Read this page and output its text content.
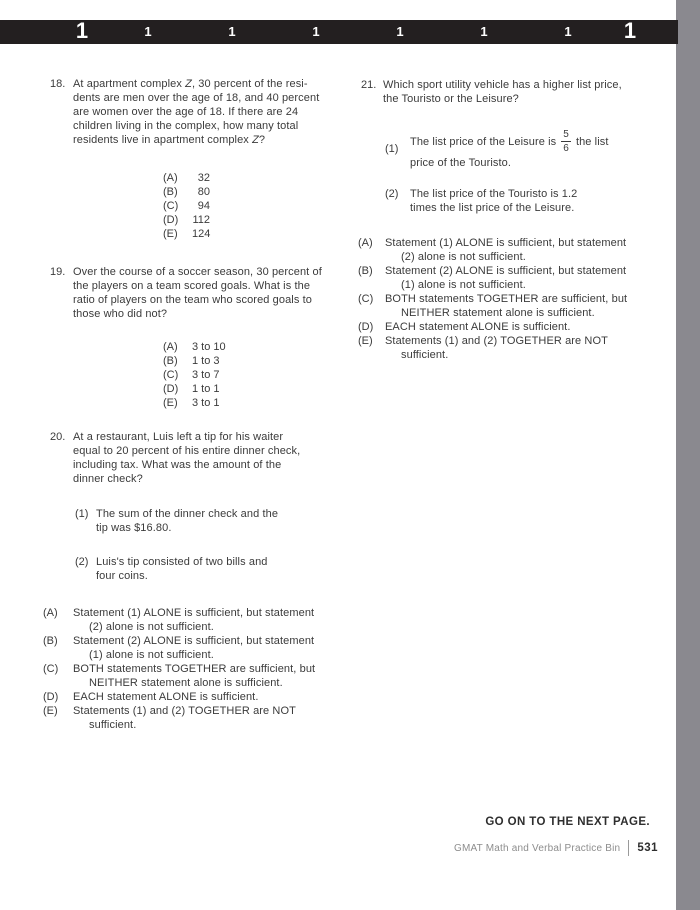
1	1	1	1	1	1	1 1
18. At apartment complex Z, 30 percent of the resi-
dents are men over the age of 18, and 40 percent
are women over the age of 18. If there are 24
children living in the complex, how many total
residents live in apartment complex Z?
(A)	32
(B)	80
(C)	94
(D)	112
(E)	124
19. Over the course of a soccer season, 30 percent of
the players on a team scored goals. What is the
ratio of players on the team who scored goals to
those who did not?
(A)	3 to 10
(B)	1 to 3
(C)	3 to 7
(D)	1 to 1
(E)	3 to 1
20. At a restaurant, Luis left a tip for his waiter
equal to 20 percent of his entire dinner check,
including tax. What was the amount of the
dinner check?
(1) The sum of the dinner check and the
tip was $16.80.
(2) Luis's tip consisted of two bills and
four coins.
(A)	Statement (1) ALONE is sufficient, but statement
(2) alone is not sufficient.
(B)	Statement (2) ALONE is sufficient, but statement
(1) alone is not sufficient.
(C)	BOTH statements TOGETHER are sufficient, but
NEITHER statement alone is sufficient.
(D)	EACH statement ALONE is sufficient.
(E)	Statements (1) and (2) TOGETHER are NOT
sufficient.
21. Which sport utility vehicle has a higher list price,
the Touristo or the Leisure?
(1)
The list price of the Leisure is $\frac{5}{6}$ the list
price of the Touristo.
(2)	The list price of the Touristo is 1.2
times the list price of the Leisure.
(A)	Statement (1) ALONE is sufficient, but statement
(2) alone is not sufficient.
(B)	Statement (2) ALONE is sufficient, but statement
(1) alone is not sufficient.
(C)	BOTH statements TOGETHER are sufficient, but
NEITHER statement alone is sufficient.
(D)	EACH statement ALONE is sufficient.
(E)	Statements (1) and (2) TOGETHER are NOT
sufficient.
GO ON TO THE NEXT PAGE.
GMAT Math and Verbal Practice Bin 531
